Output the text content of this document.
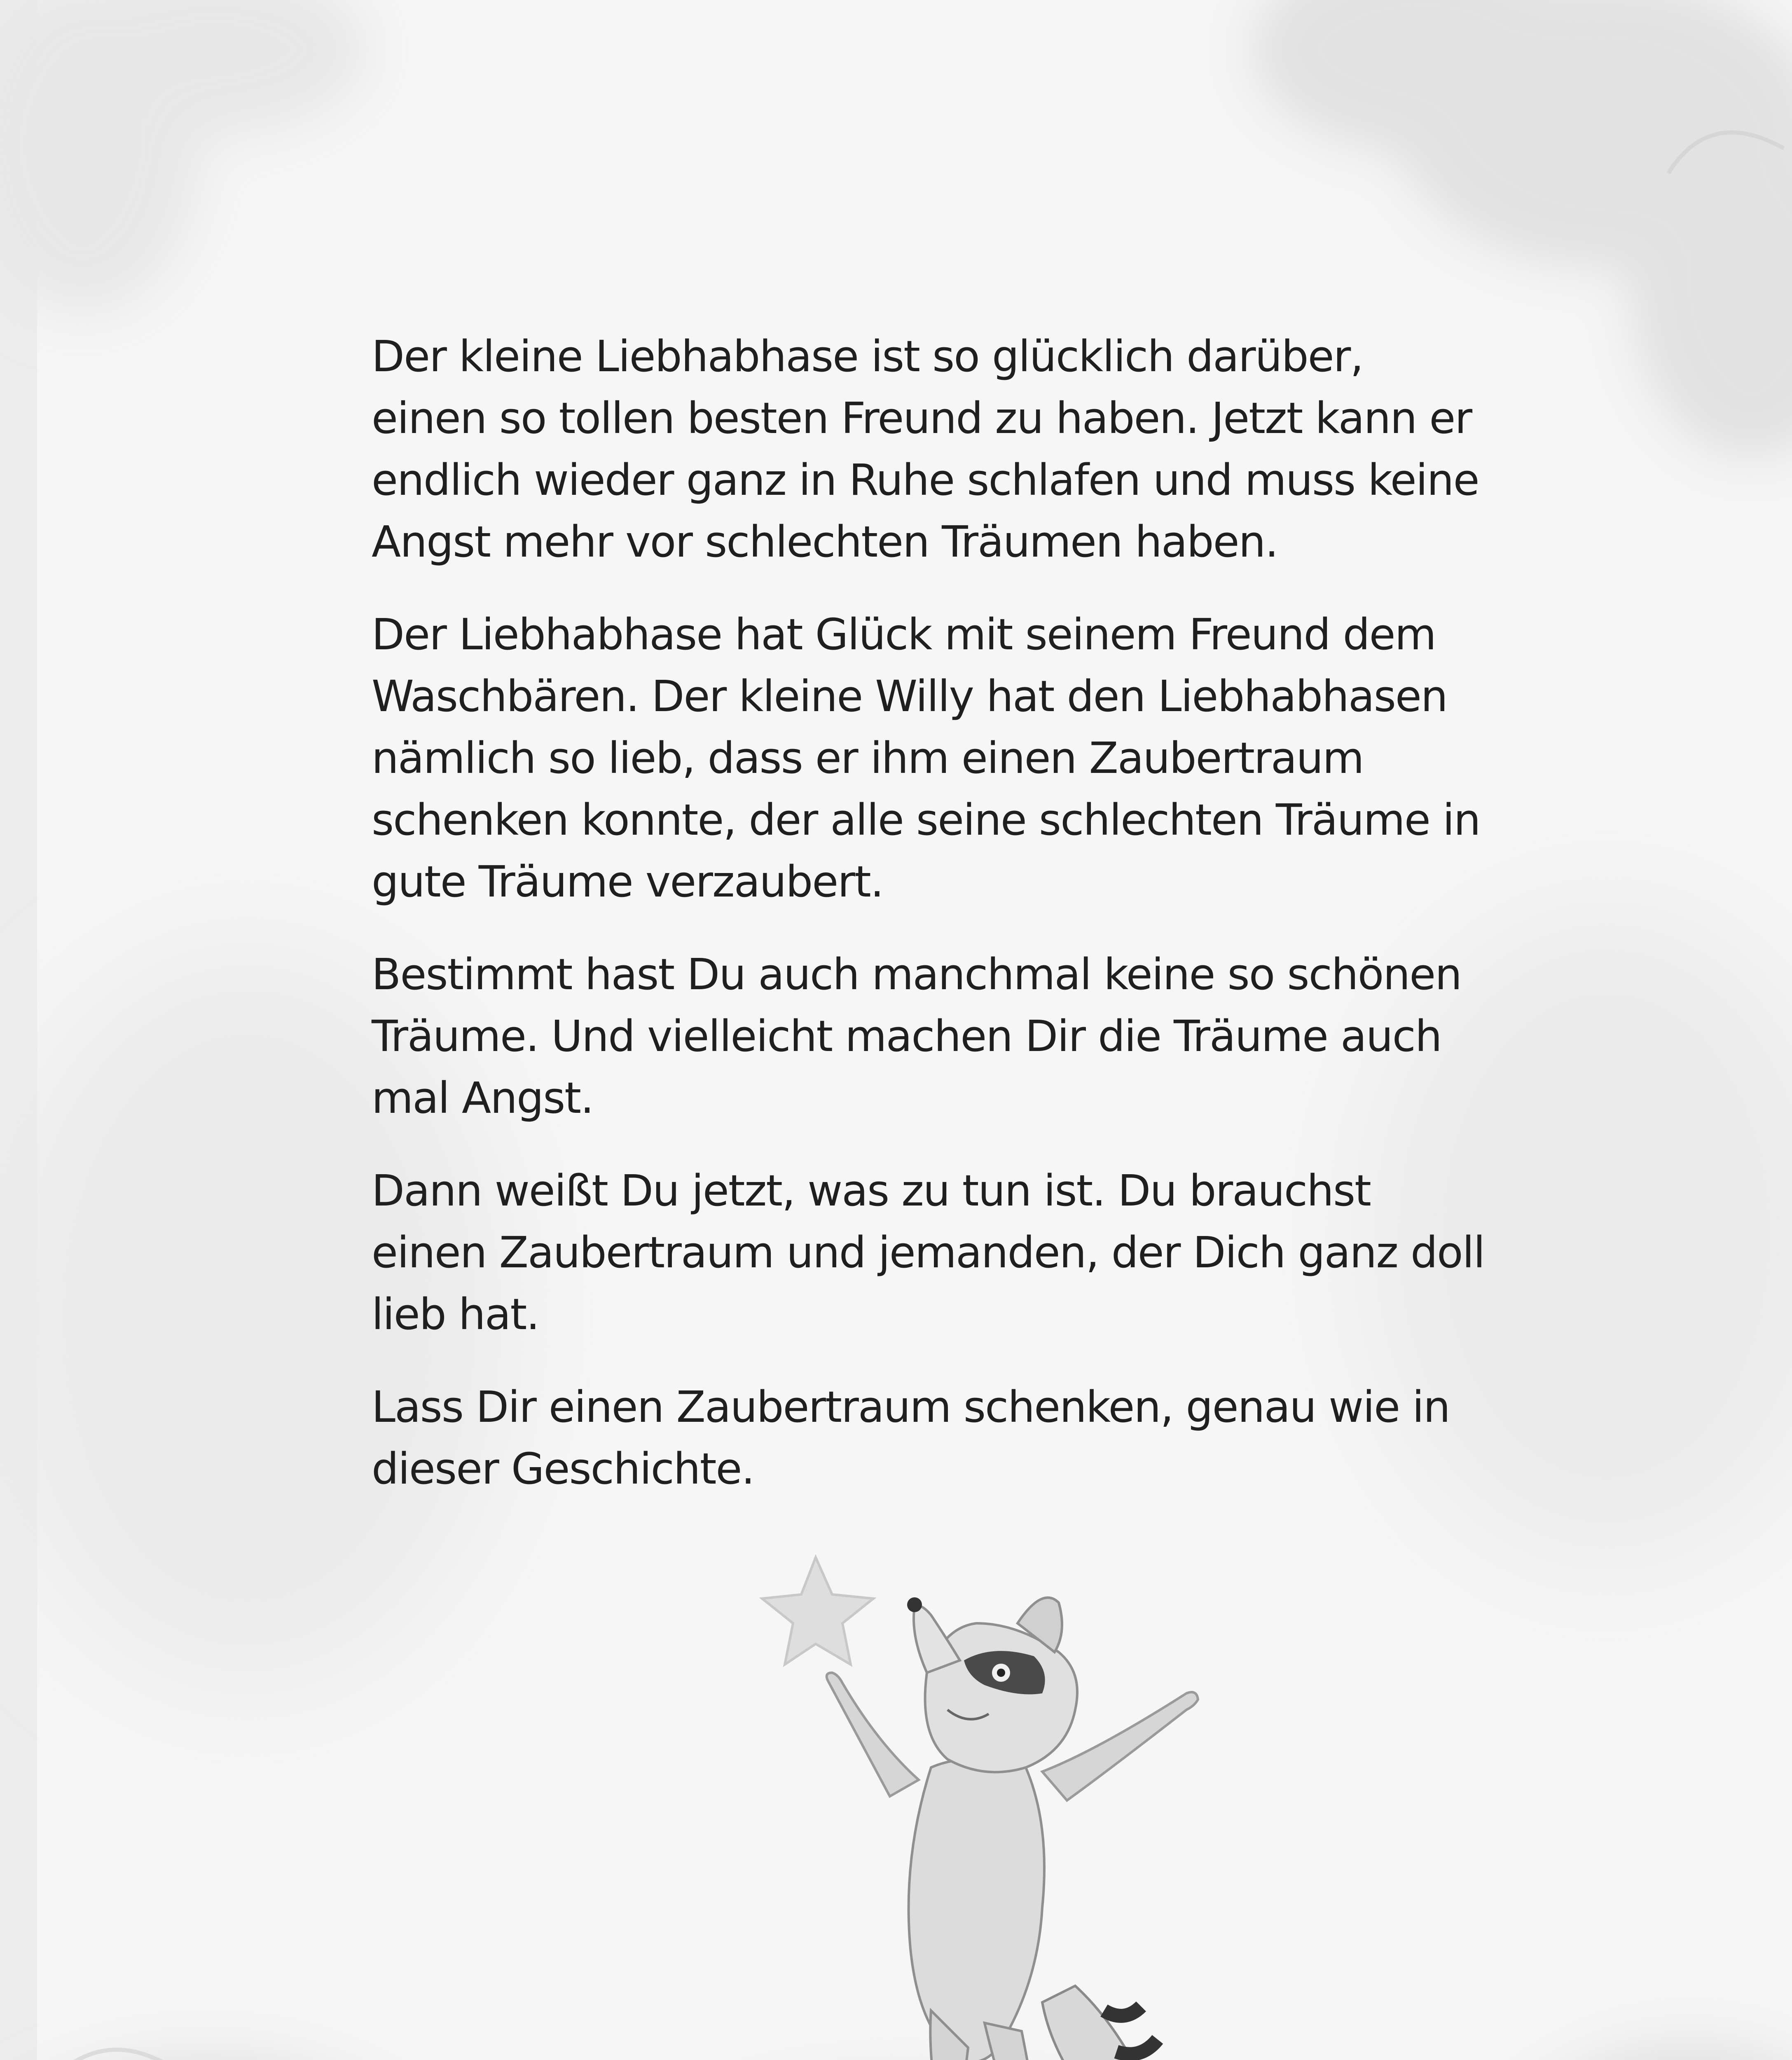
Der kleine Liebhabhase ist so glücklich darüber,
einen so tollen besten Freund zu haben. Jetzt kann er
endlich wieder ganz in Ruhe schlafen und muss keine
Angst mehr vor schlechten Träumen haben.

Der Liebhabhase hat Glück mit seinem Freund dem
Waschbären. Der kleine Willy hat den Liebhabhasen
nämlich so lieb, dass er ihm einen Zaubertraum
schenken konnte, der alle seine schlechten Träume in
gute Träume verzaubert.

Bestimmt hast Du auch manchmal keine so schönen
Träume. Und vielleicht machen Dir die Träume auch
mal Angst.

Dann weißt Du jetzt, was zu tun ist. Du brauchst
einen Zaubertraum und jemanden, der Dich ganz doll
lieb hat.

Lass Dir einen Zaubertraum schenken, genau wie in
dieser Geschichte.
